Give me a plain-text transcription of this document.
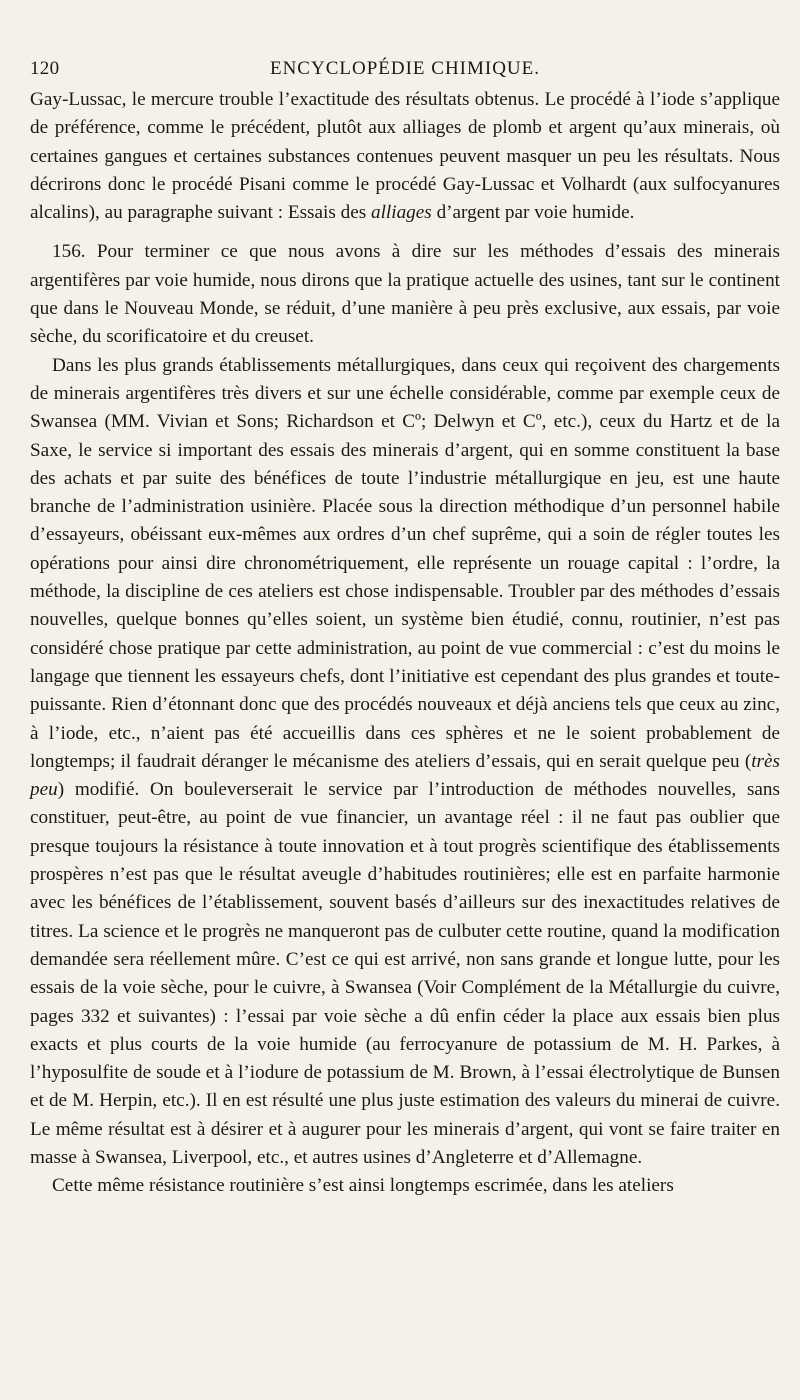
120	ENCYCLOPÉDIE CHIMIQUE.

Gay-Lussac, le mercure trouble l’exactitude des résultats obtenus. Le procédé à l’iode s’applique de préférence, comme le précédent, plutôt aux alliages de plomb et argent qu’aux minerais, où certaines gangues et certaines substances contenues peuvent masquer un peu les résultats. Nous décrirons donc le procédé Pisani comme le procédé Gay-Lussac et Volhardt (aux sulfocyanures alcalins), au paragraphe suivant : Essais des alliages d’argent par voie humide.

156. Pour terminer ce que nous avons à dire sur les méthodes d’essais des minerais argentifères par voie humide, nous dirons que la pratique actuelle des usines, tant sur le continent que dans le Nouveau Monde, se réduit, d’une manière à peu près exclusive, aux essais, par voie sèche, du scorificatoire et du creuset.

Dans les plus grands établissements métallurgiques, dans ceux qui reçoivent des chargements de minerais argentifères très divers et sur une échelle considérable, comme par exemple ceux de Swansea (MM. Vivian et Sons; Richardson et Cº; Delwyn et Cº, etc.), ceux du Hartz et de la Saxe, le service si important des essais des minerais d’argent, qui en somme constituent la base des achats et par suite des bénéfices de toute l’industrie métallurgique en jeu, est une haute branche de l’administration usinière. Placée sous la direction méthodique d’un personnel habile d’essayeurs, obéissant eux-mêmes aux ordres d’un chef suprême, qui a soin de régler toutes les opérations pour ainsi dire chronométriquement, elle représente un rouage capital : l’ordre, la méthode, la discipline de ces ateliers est chose indispensable. Troubler par des méthodes d’essais nouvelles, quelque bonnes qu’elles soient, un système bien étudié, connu, routinier, n’est pas considéré chose pratique par cette administration, au point de vue commercial : c’est du moins le langage que tiennent les essayeurs chefs, dont l’initiative est cependant des plus grandes et toute-puissante. Rien d’étonnant donc que des procédés nouveaux et déjà anciens tels que ceux au zinc, à l’iode, etc., n’aient pas été accueillis dans ces sphères et ne le soient probablement de longtemps; il faudrait déranger le mécanisme des ateliers d’essais, qui en serait quelque peu (très peu) modifié. On bouleverserait le service par l’introduction de méthodes nouvelles, sans constituer, peut-être, au point de vue financier, un avantage réel : il ne faut pas oublier que presque toujours la résistance à toute innovation et à tout progrès scientifique des établissements prospères n’est pas que le résultat aveugle d’habitudes routinières; elle est en parfaite harmonie avec les bénéfices de l’établissement, souvent basés d’ailleurs sur des inexactitudes relatives de titres. La science et le progrès ne manqueront pas de culbuter cette routine, quand la modification demandée sera réellement mûre. C’est ce qui est arrivé, non sans grande et longue lutte, pour les essais de la voie sèche, pour le cuivre, à Swansea (Voir Complément de la Métallurgie du cuivre, pages 332 et suivantes) : l’essai par voie sèche a dû enfin céder la place aux essais bien plus exacts et plus courts de la voie humide (au ferrocyanure de potassium de M. H. Parkes, à l’hyposulfite de soude et à l’iodure de potassium de M. Brown, à l’essai électrolytique de Bunsen et de M. Herpin, etc.). Il en est résulté une plus juste estimation des valeurs du minerai de cuivre. Le même résultat est à désirer et à augurer pour les minerais d’argent, qui vont se faire traiter en masse à Swansea, Liverpool, etc., et autres usines d’Angleterre et d’Allemagne.

Cette même résistance routinière s’est ainsi longtemps escrimée, dans les ateliers
